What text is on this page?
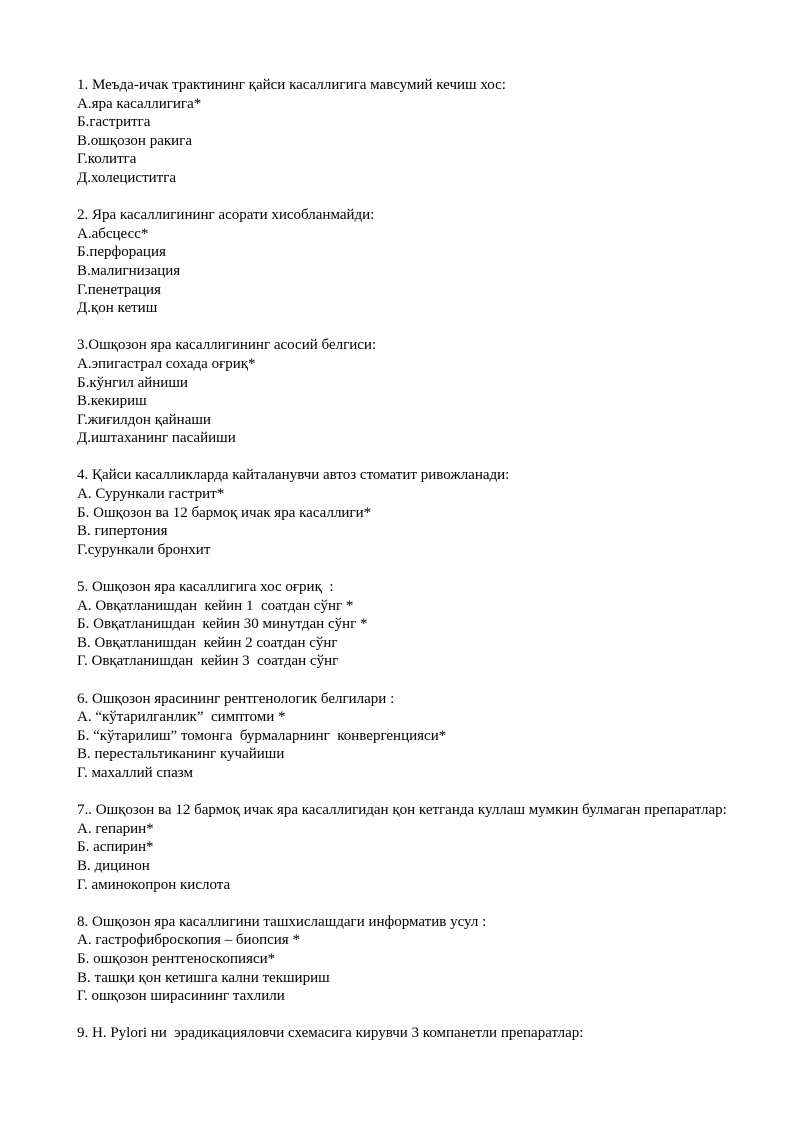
1. Меъда-ичак трактининг қайси касаллигига мавсумий кечиш хос:

А.яра касаллигига*

Б.гастритга

В.ошқозон ракига

Г.колитга

Д.холециститга

2. Яра касаллигининг асорати хисобланмайди:

А.абсцесс*

Б.перфорация

В.малигнизация

Г.пенетрация

Д.қон кетиш

3.Ошқозон яра касаллигининг асосий белгиси:

А.эпигастрал сохада оғриқ*

Б.кўнгил айниши

В.кекириш

Г.жиғилдон қайнаши

Д.иштаханинг пасайиши

4. Қайси касалликларда кайталанувчи автоз стоматит ривожланади:

А. Сурункали гастрит*

Б. Ошқозон ва 12 бармоқ ичак яра касаллиги*

В. гипертония

Г.сурункали бронхит

5. Ошқозон яра касаллигига хос оғриқ  :

А. Овқатланишдан  кейин 1  соатдан сўнг *

Б. Овқатланишдан  кейин 30 минутдан сўнг *

В. Овқатланишдан  кейин 2 соатдан сўнг

Г. Овқатланишдан  кейин 3  соатдан сўнг

6. Ошқозон ярасининг рентгенологик белгилари :

А. “кўтарилганлик”  симптоми *

Б. “кўтарилиш” томонга  бурмаларнинг  конвергенцияси*

В. перестальтиканинг кучайиши

Г. махаллий спазм

7.. Ошқозон ва 12 бармоқ ичак яра касаллигидан қон кетганда куллаш мумкин булмаган препаратлар:

А. гепарин*

Б. аспирин*

В. дицинон

Г. аминокопрон кислота

8. Ошқозон яра касаллигини ташхислашдаги информатив усул :

А. гастрофиброскопия – биопсия *

Б. ошқозон рентгеноскопияси*

В. ташқи қон кетишга кални текшириш

Г. ошқозон ширасининг тахлили

9. H. Pylori ни  эрадикацияловчи схемасига кирувчи 3 компанетли препаратлар:
